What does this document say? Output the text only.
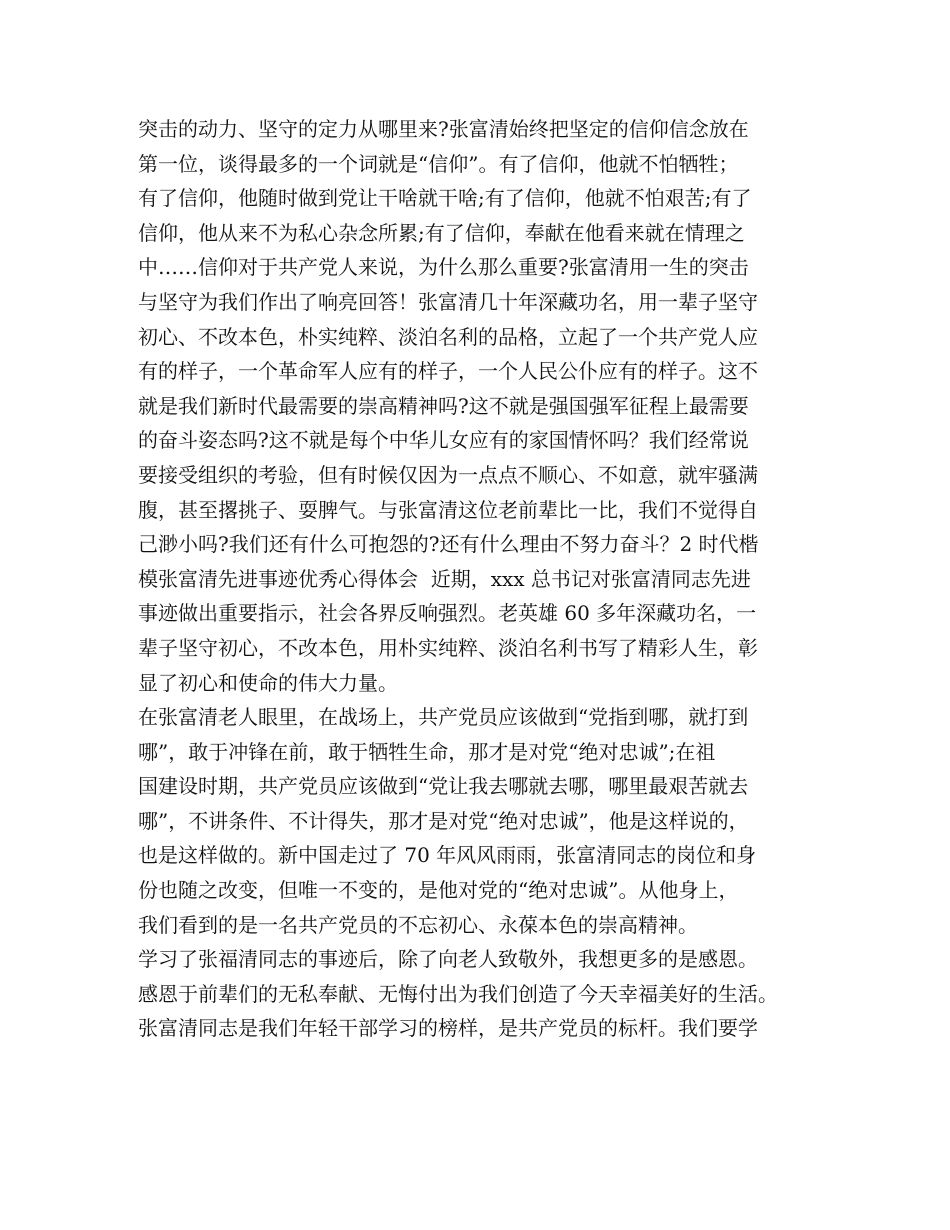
突击的动力、坚守的定力从哪里来?张富清始终把坚定的信仰信念放在
第一位，谈得最多的一个词就是“信仰”。有了信仰，他就不怕牺牲；
有了信仰，他随时做到党让干啥就干啥;有了信仰，他就不怕艰苦;有了
信仰，他从来不为私心杂念所累;有了信仰，奉献在他看来就在情理之
中……信仰对于共产党人来说，为什么那么重要?张富清用一生的突击
与坚守为我们作出了响亮回答！张富清几十年深藏功名，用一辈子坚守
初心、不改本色，朴实纯粹、淡泊名利的品格，立起了一个共产党人应
有的样子，一个革命军人应有的样子，一个人民公仆应有的样子。这不
就是我们新时代最需要的崇高精神吗?这不就是强国强军征程上最需要
的奋斗姿态吗?这不就是每个中华儿女应有的家国情怀吗？我们经常说
要接受组织的考验，但有时候仅因为一点点不顺心、不如意，就牢骚满
腹，甚至撂挑子、耍脾气。与张富清这位老前辈比一比，我们不觉得自
己渺小吗?我们还有什么可抱怨的?还有什么理由不努力奋斗？2 时代楷
模张富清先进事迹优秀心得体会  近期，xxx 总书记对张富清同志先进
事迹做出重要指示，社会各界反响强烈。老英雄 60 多年深藏功名，一
辈子坚守初心，不改本色，用朴实纯粹、淡泊名利书写了精彩人生，彰
显了初心和使命的伟大力量。
在张富清老人眼里，在战场上，共产党员应该做到“党指到哪，就打到
哪”，敢于冲锋在前，敢于牺牲生命，那才是对党“绝对忠诚”;在祖
国建设时期，共产党员应该做到“党让我去哪就去哪，哪里最艰苦就去
哪”，不讲条件、不计得失，那才是对党“绝对忠诚”，他是这样说的，
也是这样做的。新中国走过了 70 年风风雨雨，张富清同志的岗位和身
份也随之改变，但唯一不变的，是他对党的“绝对忠诚”。从他身上，
我们看到的是一名共产党员的不忘初心、永葆本色的崇高精神。
学习了张福清同志的事迹后，除了向老人致敬外，我想更多的是感恩。
感恩于前辈们的无私奉献、无悔付出为我们创造了今天幸福美好的生活。
张富清同志是我们年轻干部学习的榜样，是共产党员的标杆。我们要学
